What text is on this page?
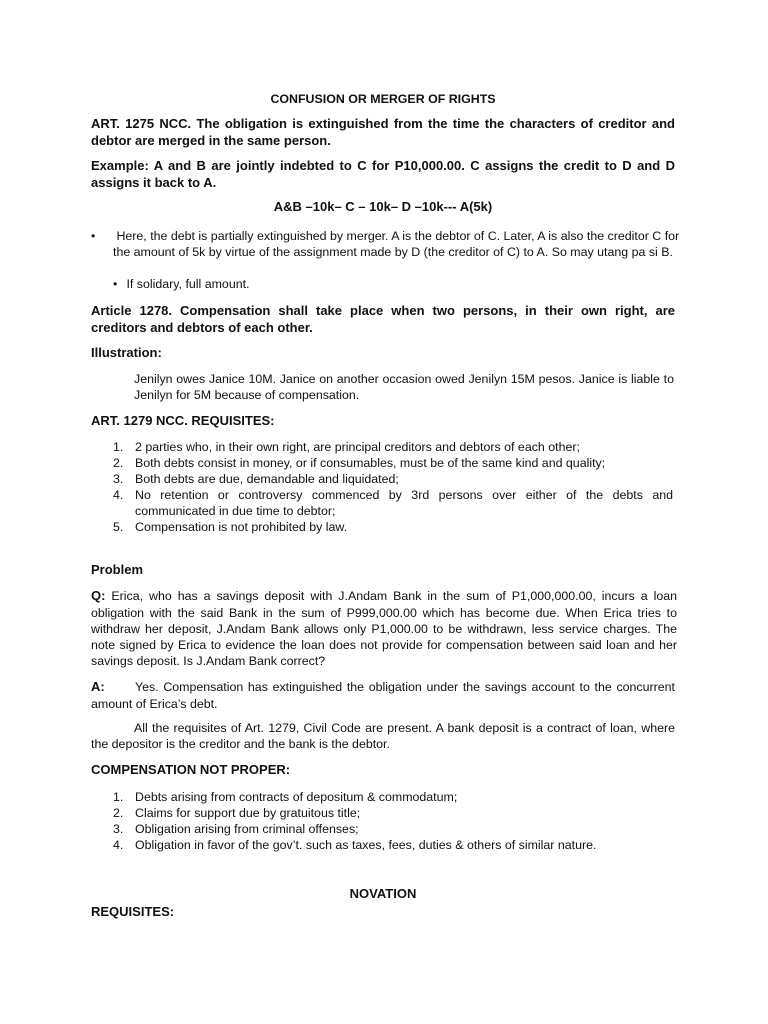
CONFUSION OR MERGER OF RIGHTS

ART. 1275 NCC. The obligation is extinguished from the time the characters of creditor and debtor are merged in the same person.

Example: A and B are jointly indebted to C for P10,000.00. C assigns the credit to D and D assigns it back to A.

A&B –10k– C – 10k– D –10k--- A(5k)

• Here, the debt is partially extinguished by merger. A is the debtor of C. Later, A is also the creditor C for the amount of 5k by virtue of the assignment made by D (the creditor of C) to A. So may utang pa si B.
• If solidary, full amount.

Article 1278. Compensation shall take place when two persons, in their own right, are creditors and debtors of each other.

Illustration:

Jenilyn owes Janice 10M. Janice on another occasion owed Jenilyn 15M pesos. Janice is liable to Jenilyn for 5M because of compensation.

ART. 1279 NCC. REQUISITES:

1. 2 parties who, in their own right, are principal creditors and debtors of each other;
2. Both debts consist in money, or if consumables, must be of the same kind and quality;
3. Both debts are due, demandable and liquidated;
4. No retention or controversy commenced by 3rd persons over either of the debts and communicated in due time to debtor;
5. Compensation is not prohibited by law.

Problem

Q: Erica, who has a savings deposit with J.Andam Bank in the sum of P1,000,000.00, incurs a loan obligation with the said Bank in the sum of P999,000.00 which has become due. When Erica tries to withdraw her deposit, J.Andam Bank allows only P1,000.00 to be withdrawn, less service charges. The note signed by Erica to evidence the loan does not provide for compensation between said loan and her savings deposit. Is J.Andam Bank correct?

A: Yes. Compensation has extinguished the obligation under the savings account to the concurrent amount of Erica’s debt.

All the requisites of Art. 1279, Civil Code are present. A bank deposit is a contract of loan, where the depositor is the creditor and the bank is the debtor.

COMPENSATION NOT PROPER:

1. Debts arising from contracts of depositum & commodatum;
2. Claims for support due by gratuitous title;
3. Obligation arising from criminal offenses;
4. Obligation in favor of the gov’t. such as taxes, fees, duties & others of similar nature.

NOVATION

REQUISITES:
